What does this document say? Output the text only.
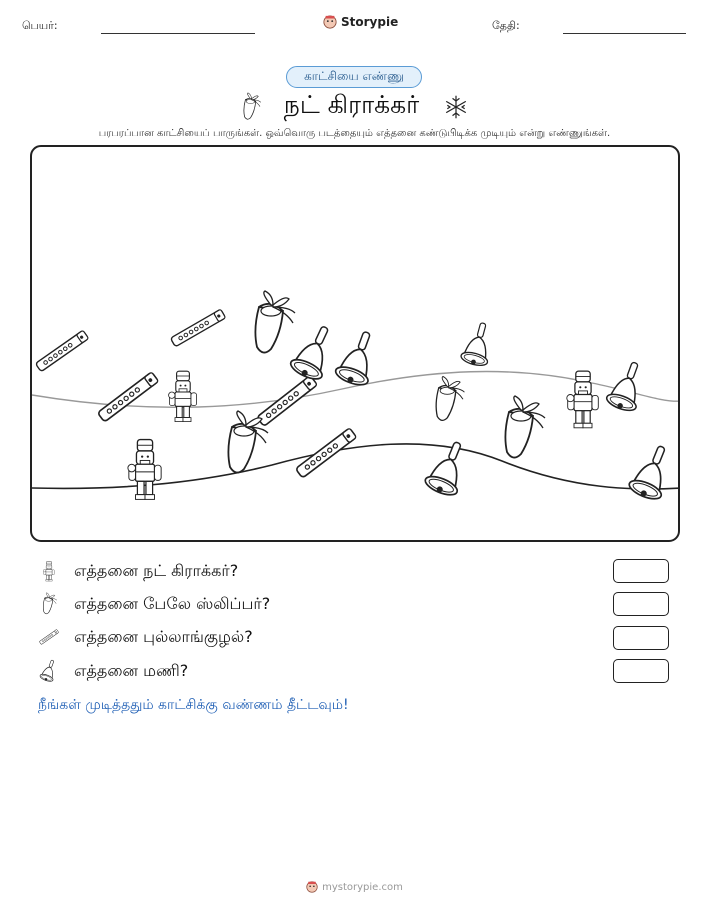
பெயர்:	Storypie	தேதி:
காட்சியை எண்ணு
நட் கிராக்கர்
பரபரப்பான காட்சியைப் பாருங்கள். ஒவ்வொரு படத்தையும் எத்தனை கண்டுபிடிக்க முடியும் என்று எண்ணுங்கள்.
எத்தனை நட் கிராக்கர்?
எத்தனை பேலே ஸ்லிப்பர்?
எத்தனை புல்லாங்குழல்?
எத்தனை மணி?
நீங்கள் முடித்ததும் காட்சிக்கு வண்ணம் தீட்டவும்!
mystorypie.com
